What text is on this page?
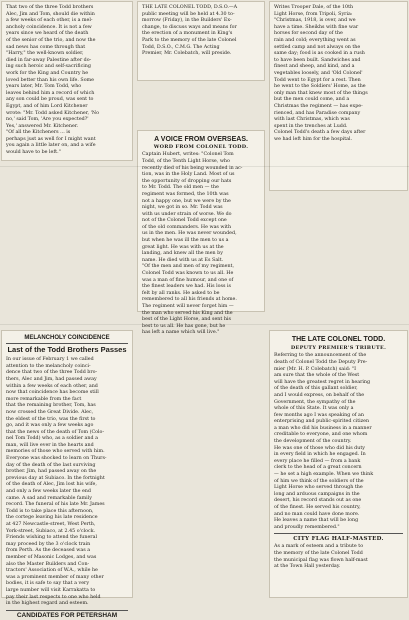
That two of the three Todd brothers

Alec, Jim and Tom, should die within

a few weeks of each other, is a mel-

ancholy coincidence. It is not a few

years since we heard of the death

of the senior of the trio, and now the

sad news has come through that

"Harry," the well-known soldier,

died in far-away Palestine after do-

ing such heroic and self-sacrificing

work for the King and Country he

loved better than his own life. Some

years later, Mr. Tom Todd, who

leaves behind him a record of which

any son could be proud, was sent to

Egypt, and of him Lord Kitchener

wrote: "Mr. Todd asked Kitchener, 'No

no,' said Tom, 'Are you expected?'

Yes,' answered Mr. Kitchener.

"Of all the Kitcheners ... is

perhaps just as well for I might want

you again a little later on, and a wife

would have to be left."

THE LATE COLONEL TODD, D.S.O.—A

public meeting will be held at 4.30 to-

morrow (Friday), in the Builders' Ex-

change, to discuss ways and means for

the erection of a monument in King's

Park to the memory of the late Colonel

Todd, D.S.O., C.M.G. The Acting

Premier, Mr. Colebatch, will preside.

Writes Trooper Dale, of the 10th

Light Horse, from Tripoli, Syria:

"Christmas, 1918, is over, and we

have a time. Sheikhs with fine war

horses for second day of the

rain and cold; everything went as

settled camp and not always on the

same day; food is as cooked in a rush

to have been built. Sandwiches and

finest and sheep, and kind, and a

vegetables loosely, and 'Old Colonel'

Todd went to Egypt for a rest. Then

he went to the Soldiers' Home, as the

only man that knew most of the things

but the men could come, and a

Christmas the regiment — has expe-

rienced, and has Paradise company

with last Christmas, which was

spent in the trenches at Ludd.

Colonel Todd's death a few days after

we had left him for the hospital.

A VOICE FROM OVERSEAS.
WORD FROM COLONEL TODD.

Captain Hubert, writes: "Colonel Tom

Todd, of the Tenth Light Horse, who

recently died of his being wounded in ac-

tion, was in the Holy Land. Most of us

the opportunity of dropping our hats

to Mr. Todd. The old men — the

regiment was formed, the 10th was

not a happy one, but we were by the

night, we got in so. Mr. Todd was

with us under strain of worse. We do

not of the Colonel Todd except one

of the old commanders. He was with

us in the men. He was never wounded,

but when he was ill the men to us a

great light. He was with us at the

landing, and knew all the men by

name. He died with us at Es Salt.

"Of the men and men of my regiment,

Colonel Todd was known to us all. He

was a man of fine humour, and one of

the finest leaders we had. His loss is

felt by all ranks. He asked to be

remembered to all his friends at home.

The regiment will never forget him —

the man who served his King and the

best of the Light Horse, and sent his

best to us all. He has gone, but he

has left a name which will live."

MELANCHOLY COINCIDENCE
Last of the Todd Brothers Passes

In our issue of February 1 we called

attention to the melancholy coinci-

dence that two of the three Todd bro-

thers, Alec and Jim, had passed away

within a few weeks of each other, and

now that coincidence has become still

more remarkable from the fact

that the remaining brother, Tom, has

now crossed the Great Divide. Alec,

the eldest of the trio, was the first to

go, and it was only a few weeks ago

that the news of the death of Tom (Colo-

nel Tom Todd) who, as a soldier and a

man, will live ever in the hearts and

memories of those who served with him.

Everyone was shocked to learn on Thurs-

day of the death of the last surviving

brother. Jim, had passed away on the

previous day at Subiaco. In the fortnight

of the death of Alec, Jim lost his wife,

and only a few weeks later the end

came. A sad and remarkable family

record. The funeral of his late Mr. James

Todd is to take place this afternoon,

the cortege leaving his late residence

at 427 Newcastle-street, West Perth,

York-street, Subiaco, at 2.45 o'clock.

Friends wishing to attend the funeral

may proceed by the 3 o'clock train

from Perth. As the deceased was a

member of Masonic Lodges, and was

also the Master Builders and Con-

tractors' Association of W.A., while he

was a prominent member of many other

bodies, it is safe to say that a very

large number will visit Karrakatta to

pay their last respects to one who held

in the highest regard and esteem.

CANDIDATES FOR PETERSHAM
THE LATE COLONEL TODD.
DEPUTY PREMIER'S TRIBUTE.

Referring to the announcement of the

death of Colonel Todd the Deputy Pre-

mier (Mr. H. P. Colebatch) said: "I

am sure that the whole of the West

will have the greatest regret in hearing

of the death of this gallant soldier,

and I would express, on behalf of the

Government, the sympathy of the

whole of this State. It was only a

few months ago I was speaking of an

enterprising and public-spirited citizen

a man who did his business in a manner

creditable to everyone, and one whom

the development of the country.

He was one of those who did his duty

in every field in which he engaged. In

every place he filled — from a bank

clerk to the head of a great concern

— he set a high example. When we think

of him we think of the soldiers of the

Light Horse who served through the

long and arduous campaigns in the

desert, his record stands out as one

of the finest. He served his country,

and no man could have done more.

He leaves a name that will be long

and proudly remembered."

CITY FLAG HALF-MASTED.

As a mark of esteem and a tribute to

the memory of the late Colonel Todd

the municipal flag was flown half-mast

at the Town Hall yesterday.
